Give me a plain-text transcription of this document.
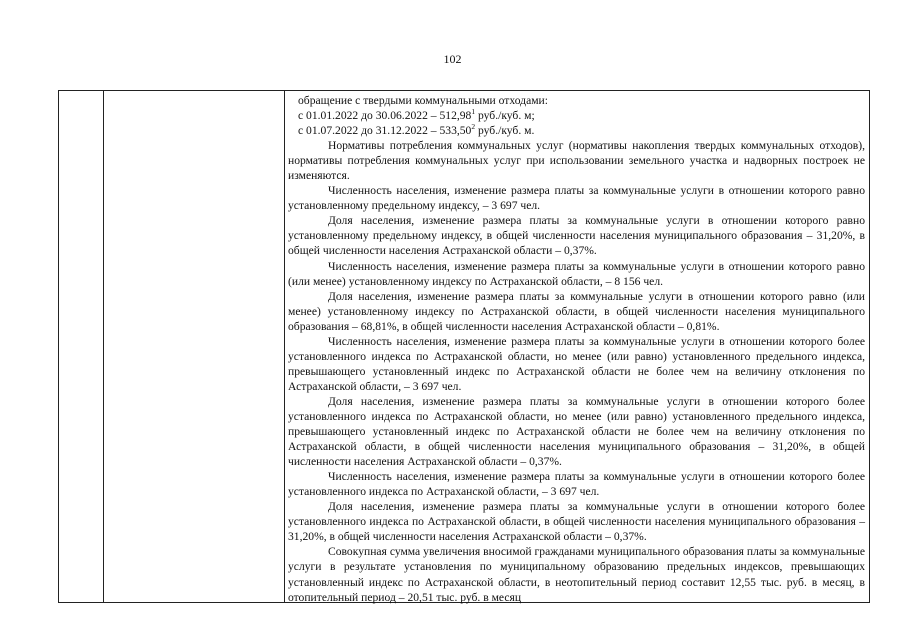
102

обращение с твердыми коммунальными отходами:

с 01.01.2022 до 30.06.2022 – 512,98$^1$ руб./куб. м;

с 01.07.2022 до 31.12.2022 – 533,50$^2$ руб./куб. м.

Нормативы потребления коммунальных услуг (нормативы накопления твердых коммунальных отходов), нормативы потребления коммунальных услуг при использовании земельного участка и надворных построек не изменяются.

Численность населения, изменение размера платы за коммунальные услуги в отношении которого равно установленному предельному индексу, – 3 697 чел.

Доля населения, изменение размера платы за коммунальные услуги в отношении которого равно установленному предельному индексу, в общей численности населения муниципального образования – 31,20%, в общей численности населения Астраханской области – 0,37%.

Численность населения, изменение размера платы за коммунальные услуги в отношении которого равно (или менее) установленному индексу по Астраханской области, – 8 156 чел.

Доля населения, изменение размера платы за коммунальные услуги в отношении которого равно (или менее) установленному индексу по Астраханской области, в общей численности населения муниципального образования – 68,81%, в общей численности населения Астраханской области – 0,81%.

Численность населения, изменение размера платы за коммунальные услуги в отношении которого более установленного индекса по Астраханской области, но менее (или равно) установленного предельного индекса, превышающего установленный индекс по Астраханской области не более чем на величину отклонения по Астраханской области, – 3 697 чел.

Доля населения, изменение размера платы за коммунальные услуги в отношении которого более установленного индекса по Астраханской области, но менее (или равно) установленного предельного индекса, превышающего установленный индекс по Астраханской области не более чем на величину отклонения по Астраханской области, в общей численности населения муниципального образования – 31,20%, в общей численности населения Астраханской области – 0,37%.

Численность населения, изменение размера платы за коммунальные услуги в отношении которого более установленного индекса по Астраханской области, – 3 697 чел.

Доля населения, изменение размера платы за коммунальные услуги в отношении которого более установленного индекса по Астраханской области, в общей численности населения муниципального образования – 31,20%, в общей численности населения Астраханской области – 0,37%.

Совокупная сумма увеличения вносимой гражданами муниципального образования платы за коммунальные услуги в результате установления по муниципальному образованию предельных индексов, превышающих установленный индекс по Астраханской области, в неотопительный период составит 12,55 тыс. руб. в месяц, в отопительный период – 20,51 тыс. руб. в месяц
